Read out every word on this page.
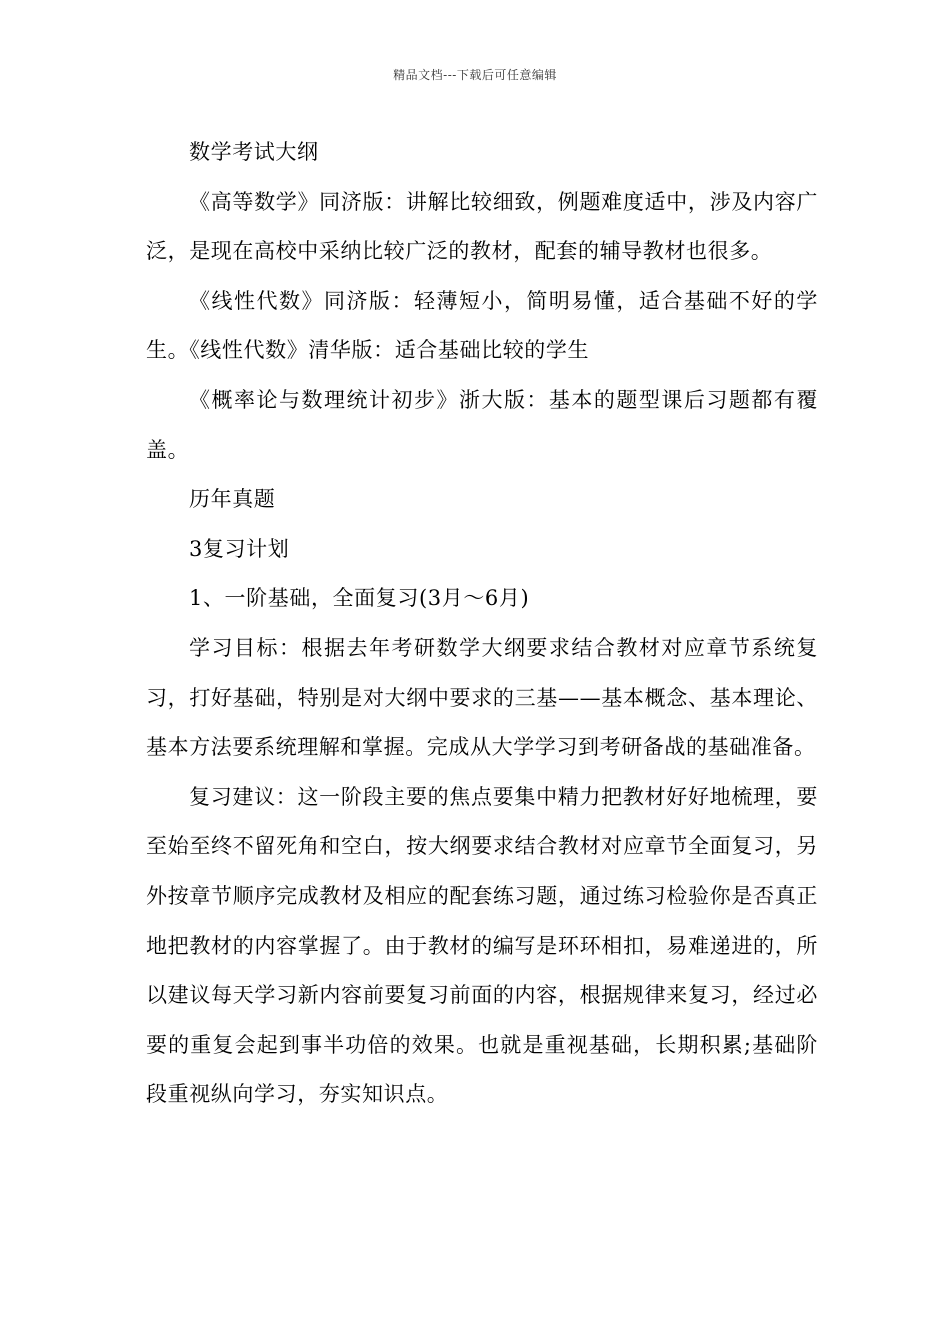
精品文档---下载后可任意编辑

数学考试大纲

《高等数学》同济版：讲解比较细致，例题难度适中，涉及内容广泛，是现在高校中采纳比较广泛的教材，配套的辅导教材也很多。

《线性代数》同济版：轻薄短小，简明易懂，适合基础不好的学生。《线性代数》清华版：适合基础比较的学生

《概率论与数理统计初步》浙大版：基本的题型课后习题都有覆盖。

历年真题

3复习计划

1、一阶基础，全面复习(3月～6月)

学习目标：根据去年考研数学大纲要求结合教材对应章节系统复习，打好基础，特别是对大纲中要求的三基——基本概念、基本理论、基本方法要系统理解和掌握。完成从大学学习到考研备战的基础准备。

复习建议：这一阶段主要的焦点要集中精力把教材好好地梳理，要至始至终不留死角和空白，按大纲要求结合教材对应章节全面复习，另外按章节顺序完成教材及相应的配套练习题，通过练习检验你是否真正地把教材的内容掌握了。由于教材的编写是环环相扣，易难递进的，所以建议每天学习新内容前要复习前面的内容，根据规律来复习，经过必要的重复会起到事半功倍的效果。也就是重视基础，长期积累;基础阶段重视纵向学习，夯实知识点。
